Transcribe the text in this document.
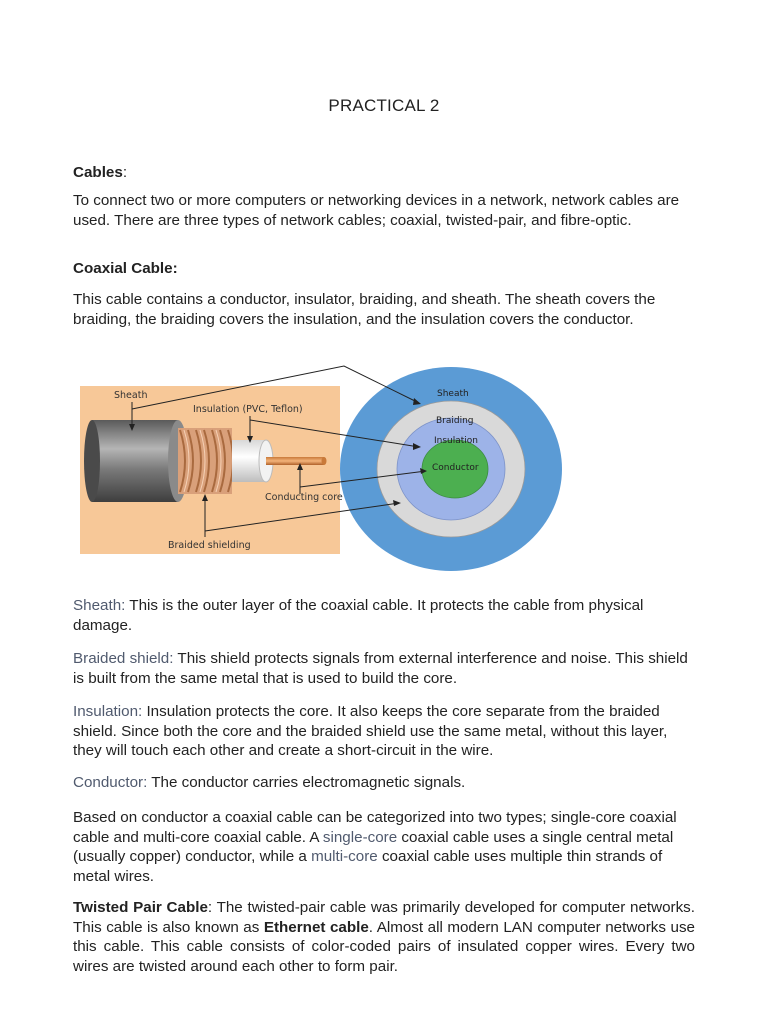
PRACTICAL 2
Cables:
To connect two or more computers or networking devices in a network, network cables are used. There are three types of network cables; coaxial, twisted-pair, and fibre-optic.
Coaxial Cable:
This cable contains a conductor, insulator, braiding, and sheath. The sheath covers the braiding, the braiding covers the insulation, and the insulation covers the conductor.
Sheath
Insulation (PVC, Teflon)
Conducting core
Braided shielding
Sheath
Braiding
Insulation
Conductor
Sheath: This is the outer layer of the coaxial cable. It protects the cable from physical damage.
Braided shield: This shield protects signals from external interference and noise. This shield is built from the same metal that is used to build the core.
Insulation: Insulation protects the core. It also keeps the core separate from the braided shield. Since both the core and the braided shield use the same metal, without this layer, they will touch each other and create a short-circuit in the wire.
Conductor: The conductor carries electromagnetic signals.
Based on conductor a coaxial cable can be categorized into two types; single-core coaxial cable and multi-core coaxial cable. A single-core coaxial cable uses a single central metal (usually copper) conductor, while a multi-core coaxial cable uses multiple thin strands of metal wires.
Twisted Pair Cable: The twisted-pair cable was primarily developed for computer networks. This cable is also known as Ethernet cable. Almost all modern LAN computer networks use this cable. This cable consists of color-coded pairs of insulated copper wires. Every two wires are twisted around each other to form pair.
